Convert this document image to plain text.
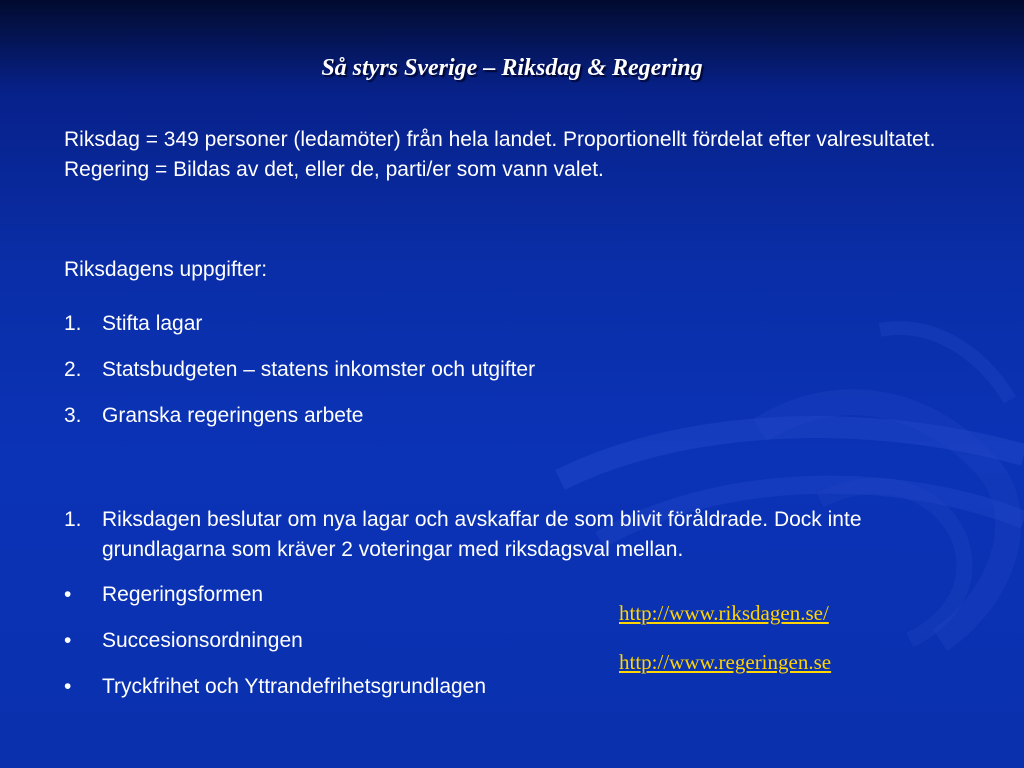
Så styrs Sverige – Riksdag & Regering

Riksdag = 349 personer (ledamöter) från hela landet. Proportionellt fördelat efter valresultatet.

Regering = Bildas av det, eller de, parti/er som vann valet.

Riksdagens uppgifter:

1. Stifta lagar
2. Statsbudgeten – statens inkomster och utgifter
3. Granska regeringens arbete
1. Riksdagen beslutar om nya lagar och avskaffar de som blivit föråldrade. Dock inte grundlagarna som kräver 2 voteringar med riksdagsval mellan.
•	Regeringsformen
•	Succesionsordningen
•	Tryckfrihet och Yttrandefrihetsgrundlagen
http://www.riksdagen.se/
http://www.regeringen.se
